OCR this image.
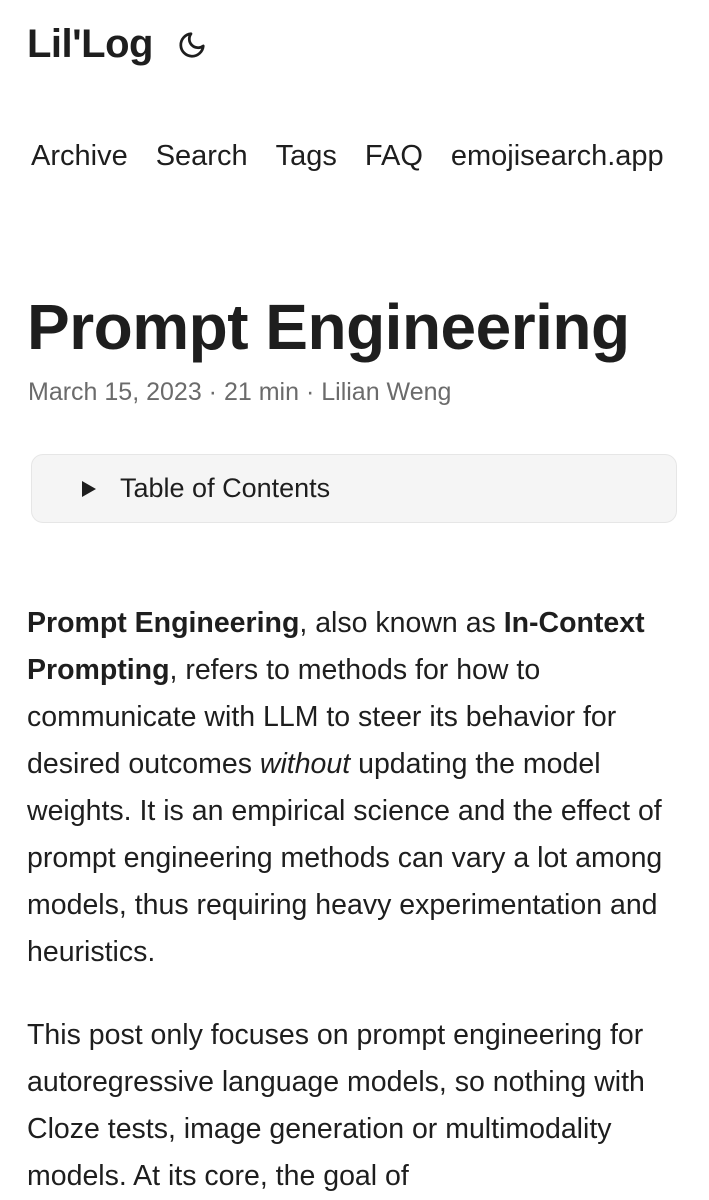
Lil'Log
Archive Search Tags FAQ emojisearch.app
Prompt Engineering
March 15, 2023 · 21 min · Lilian Weng
Table of Contents

Prompt Engineering, also known as In-Context Prompting, refers to methods for how to communicate with LLM to steer its behavior for desired outcomes without updating the model weights. It is an empirical science and the effect of prompt engineering methods can vary a lot among models, thus requiring heavy experimentation and heuristics.

This post only focuses on prompt engineering for autoregressive language models, so nothing with Cloze tests, image generation or multimodality models. At its core, the goal of
